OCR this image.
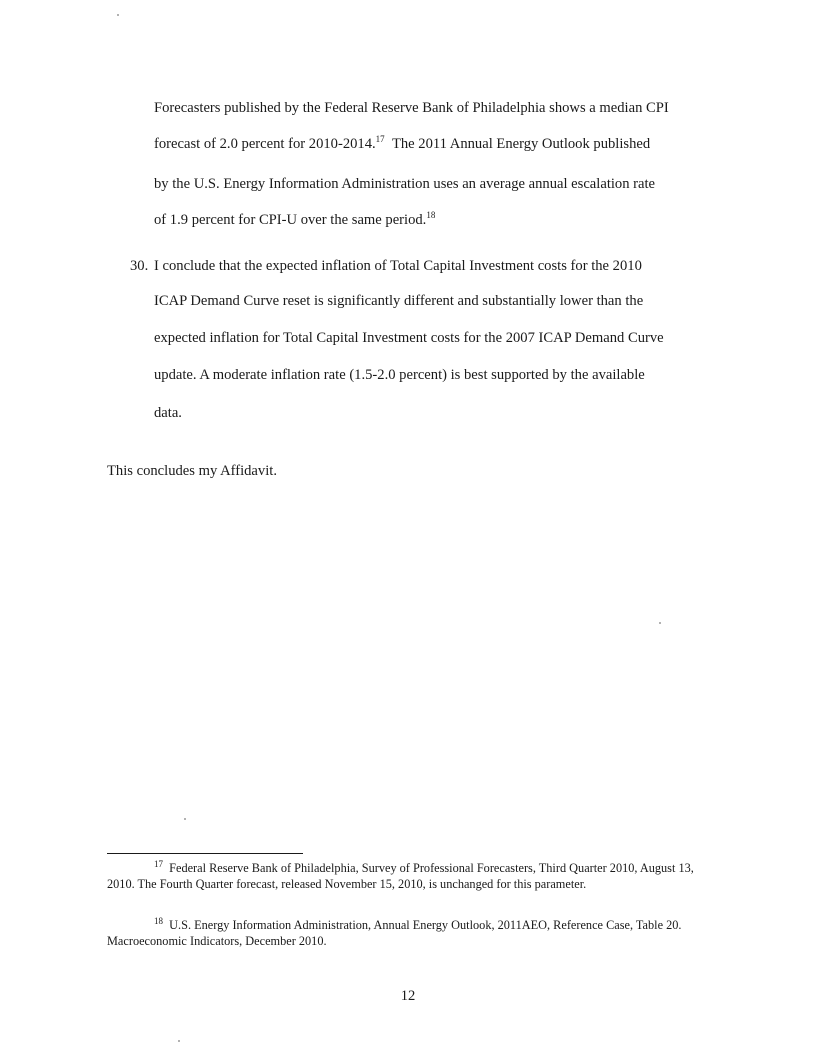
Forecasters published by the Federal Reserve Bank of Philadelphia shows a median CPI
forecast of 2.0 percent for 2010-2014.17 The 2011 Annual Energy Outlook published
by the U.S. Energy Information Administration uses an average annual escalation rate
of 1.9 percent for CPI-U over the same period.$^{18}$
30. I conclude that the expected inflation of Total Capital Investment costs for the 2010
ICAP Demand Curve reset is significantly different and substantially lower than the
expected inflation for Total Capital Investment costs for the 2007 ICAP Demand Curve
update. A moderate inflation rate (1.5-2.0 percent) is best supported by the available
data.
This concludes my Affidavit.
$^{17}$ Federal Reserve Bank of Philadelphia, Survey of Professional Forecasters, Third Quarter 2010, August 13, 2010. The Fourth Quarter forecast, released November 15, 2010, is unchanged for this parameter.
$^{18}$ U.S. Energy Information Administration, Annual Energy Outlook, 2011AEO, Reference Case, Table 20. Macroeconomic Indicators, December 2010.
12
